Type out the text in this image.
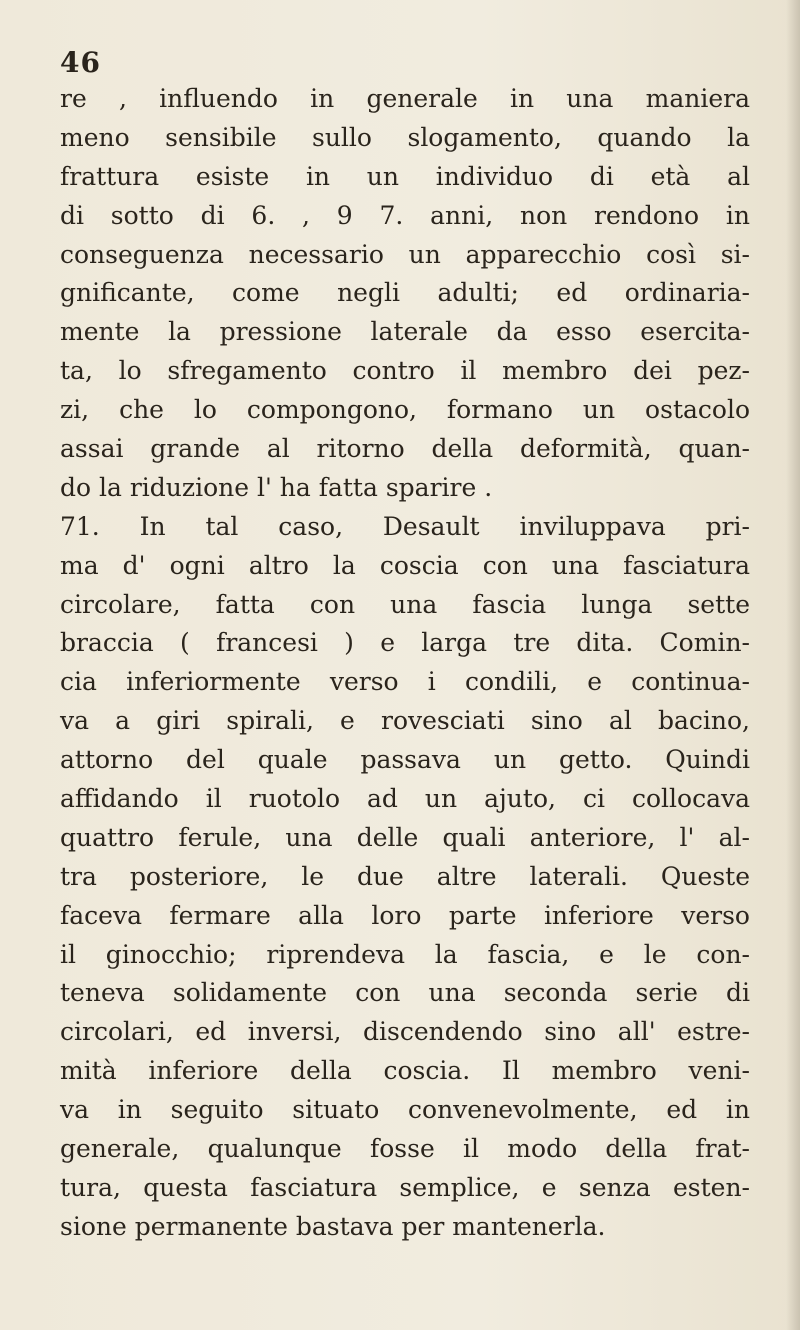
46
re , influendo in generale in una maniera
meno sensibile sullo slogamento, quando la
frattura esiste in un individuo di età al
di sotto di 6. , 9 7. anni, non rendono in
conseguenza necessario un apparecchio così si-
gnificante, come negli adulti; ed ordinaria-
mente la pressione laterale da esso esercita-
ta, lo sfregamento contro il membro dei pez-
zi, che lo compongono, formano un ostacolo
assai grande al ritorno della deformità, quan-
do la riduzione l' ha fatta sparire .
71. In tal caso, Desault inviluppava pri-
ma d' ogni altro la coscia con una fasciatura
circolare, fatta con una fascia lunga sette
braccia ( francesi ) e larga tre dita. Comin-
cia inferiormente verso i condili, e continua-
va a giri spirali, e rovesciati sino al bacino,
attorno del quale passava un getto. Quindi
affidando il ruotolo ad un ajuto, ci collocava
quattro ferule, una delle quali anteriore, l' al-
tra posteriore, le due altre laterali. Queste
faceva fermare alla loro parte inferiore verso
il ginocchio; riprendeva la fascia, e le con-
teneva solidamente con una seconda serie di
circolari, ed inversi, discendendo sino all' estre-
mità inferiore della coscia. Il membro veni-
va in seguito situato convenevolmente, ed in
generale, qualunque fosse il modo della frat-
tura, questa fasciatura semplice, e senza esten-
sione permanente bastava per mantenerla.
